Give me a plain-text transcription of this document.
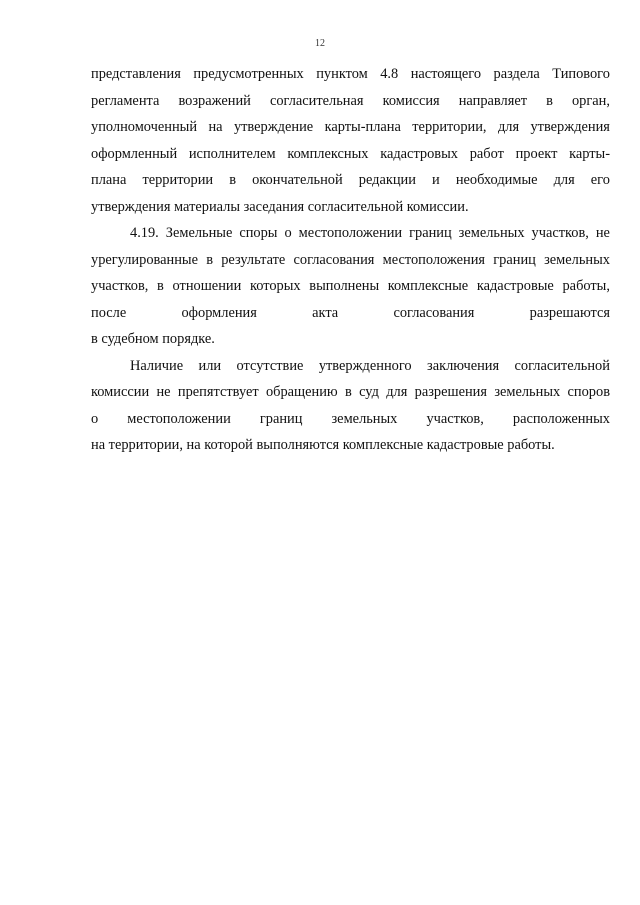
12
представления предусмотренных пунктом 4.8 настоящего раздела Типового
регламента возражений согласительная комиссия направляет в орган,
уполномоченный на утверждение карты-плана территории, для утверждения
оформленный исполнителем комплексных кадастровых работ проект карты-
плана территории в окончательной редакции и необходимые для его
утверждения материалы заседания согласительной комиссии.
4.19. Земельные споры о местоположении границ земельных участков, не
урегулированные в результате согласования местоположения границ земельных
участков, в отношении которых выполнены комплексные кадастровые работы,
после	оформления	акта	согласования	разрешаются
в судебном порядке.
Наличие или отсутствие утвержденного заключения согласительной
комиссии не препятствует обращению в суд для разрешения земельных споров
о местоположении границ земельных участков, расположенных
на территории, на которой выполняются комплексные кадастровые работы.
